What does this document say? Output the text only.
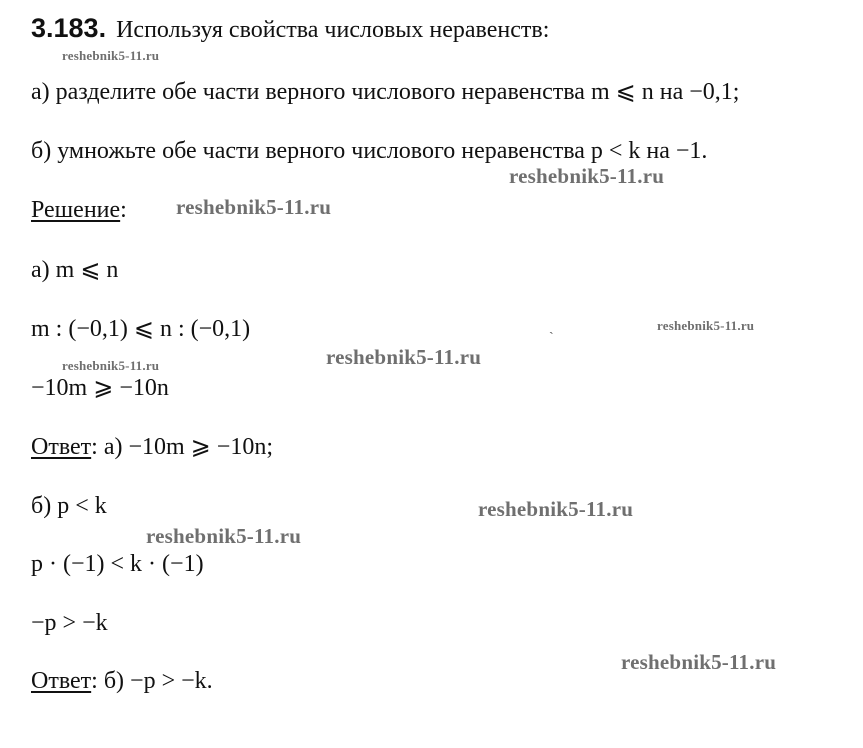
3.183. Используя свойства числовых неравенств:
а) разделите обе части верного числового неравенства m ⩽ n на −0,1;
б) умножьте обе части верного числового неравенства p < k на −1.
Решение:
а) m ⩽ n
m : (−0,1) ⩽ n : (−0,1)
−10m ⩾ −10n
Ответ: а) −10m ⩾ −10n;
б) p < k
p · (−1) < k · (−1)
−p > −k
Ответ: б) −p > −k.
reshebnik5-11.ru
reshebnik5-11.ru
reshebnik5-11.ru
reshebnik5-11.ru
reshebnik5-11.ru
reshebnik5-11.ru
reshebnik5-11.ru
reshebnik5-11.ru
reshebnik5-11.ru
ˎ
